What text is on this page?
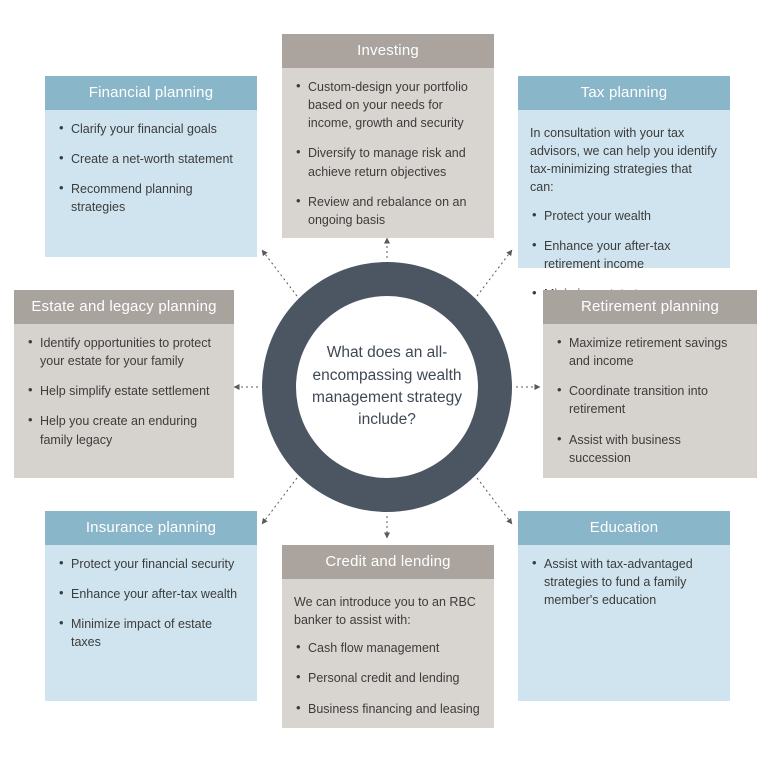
Investing
• Custom-design your portfolio based on your needs for income, growth and security
• Diversify to manage risk and achieve return objectives
• Review and rebalance on an ongoing basis
Financial planning
• Clarify your financial goals
• Create a net-worth statement
• Recommend planning strategies
Tax planning

In consultation with your tax advisors, we can help you identify tax-minimizing strategies that can:

• Protect your wealth
• Enhance your after-tax retirement income
•
Estate and legacy planning
• Identify opportunities to protect your estate for your family
• Help simplify estate settlement
• Help you create an enduring family legacy
Retirement planning
• Maximize retirement savings and income
• Coordinate transition into retirement
• Assist with business succession
Insurance planning
• Protect your financial security
• Enhance your after-tax wealth
• Minimize impact of estate taxes
Credit and lending

We can introduce you to an RBC banker to assist with:

• Cash flow management
• Personal credit and lending
• Business financing and leasing
Education
• Assist with tax-advantaged strategies to fund a family member's education
What does an all-encompassing wealth management strategy include?
